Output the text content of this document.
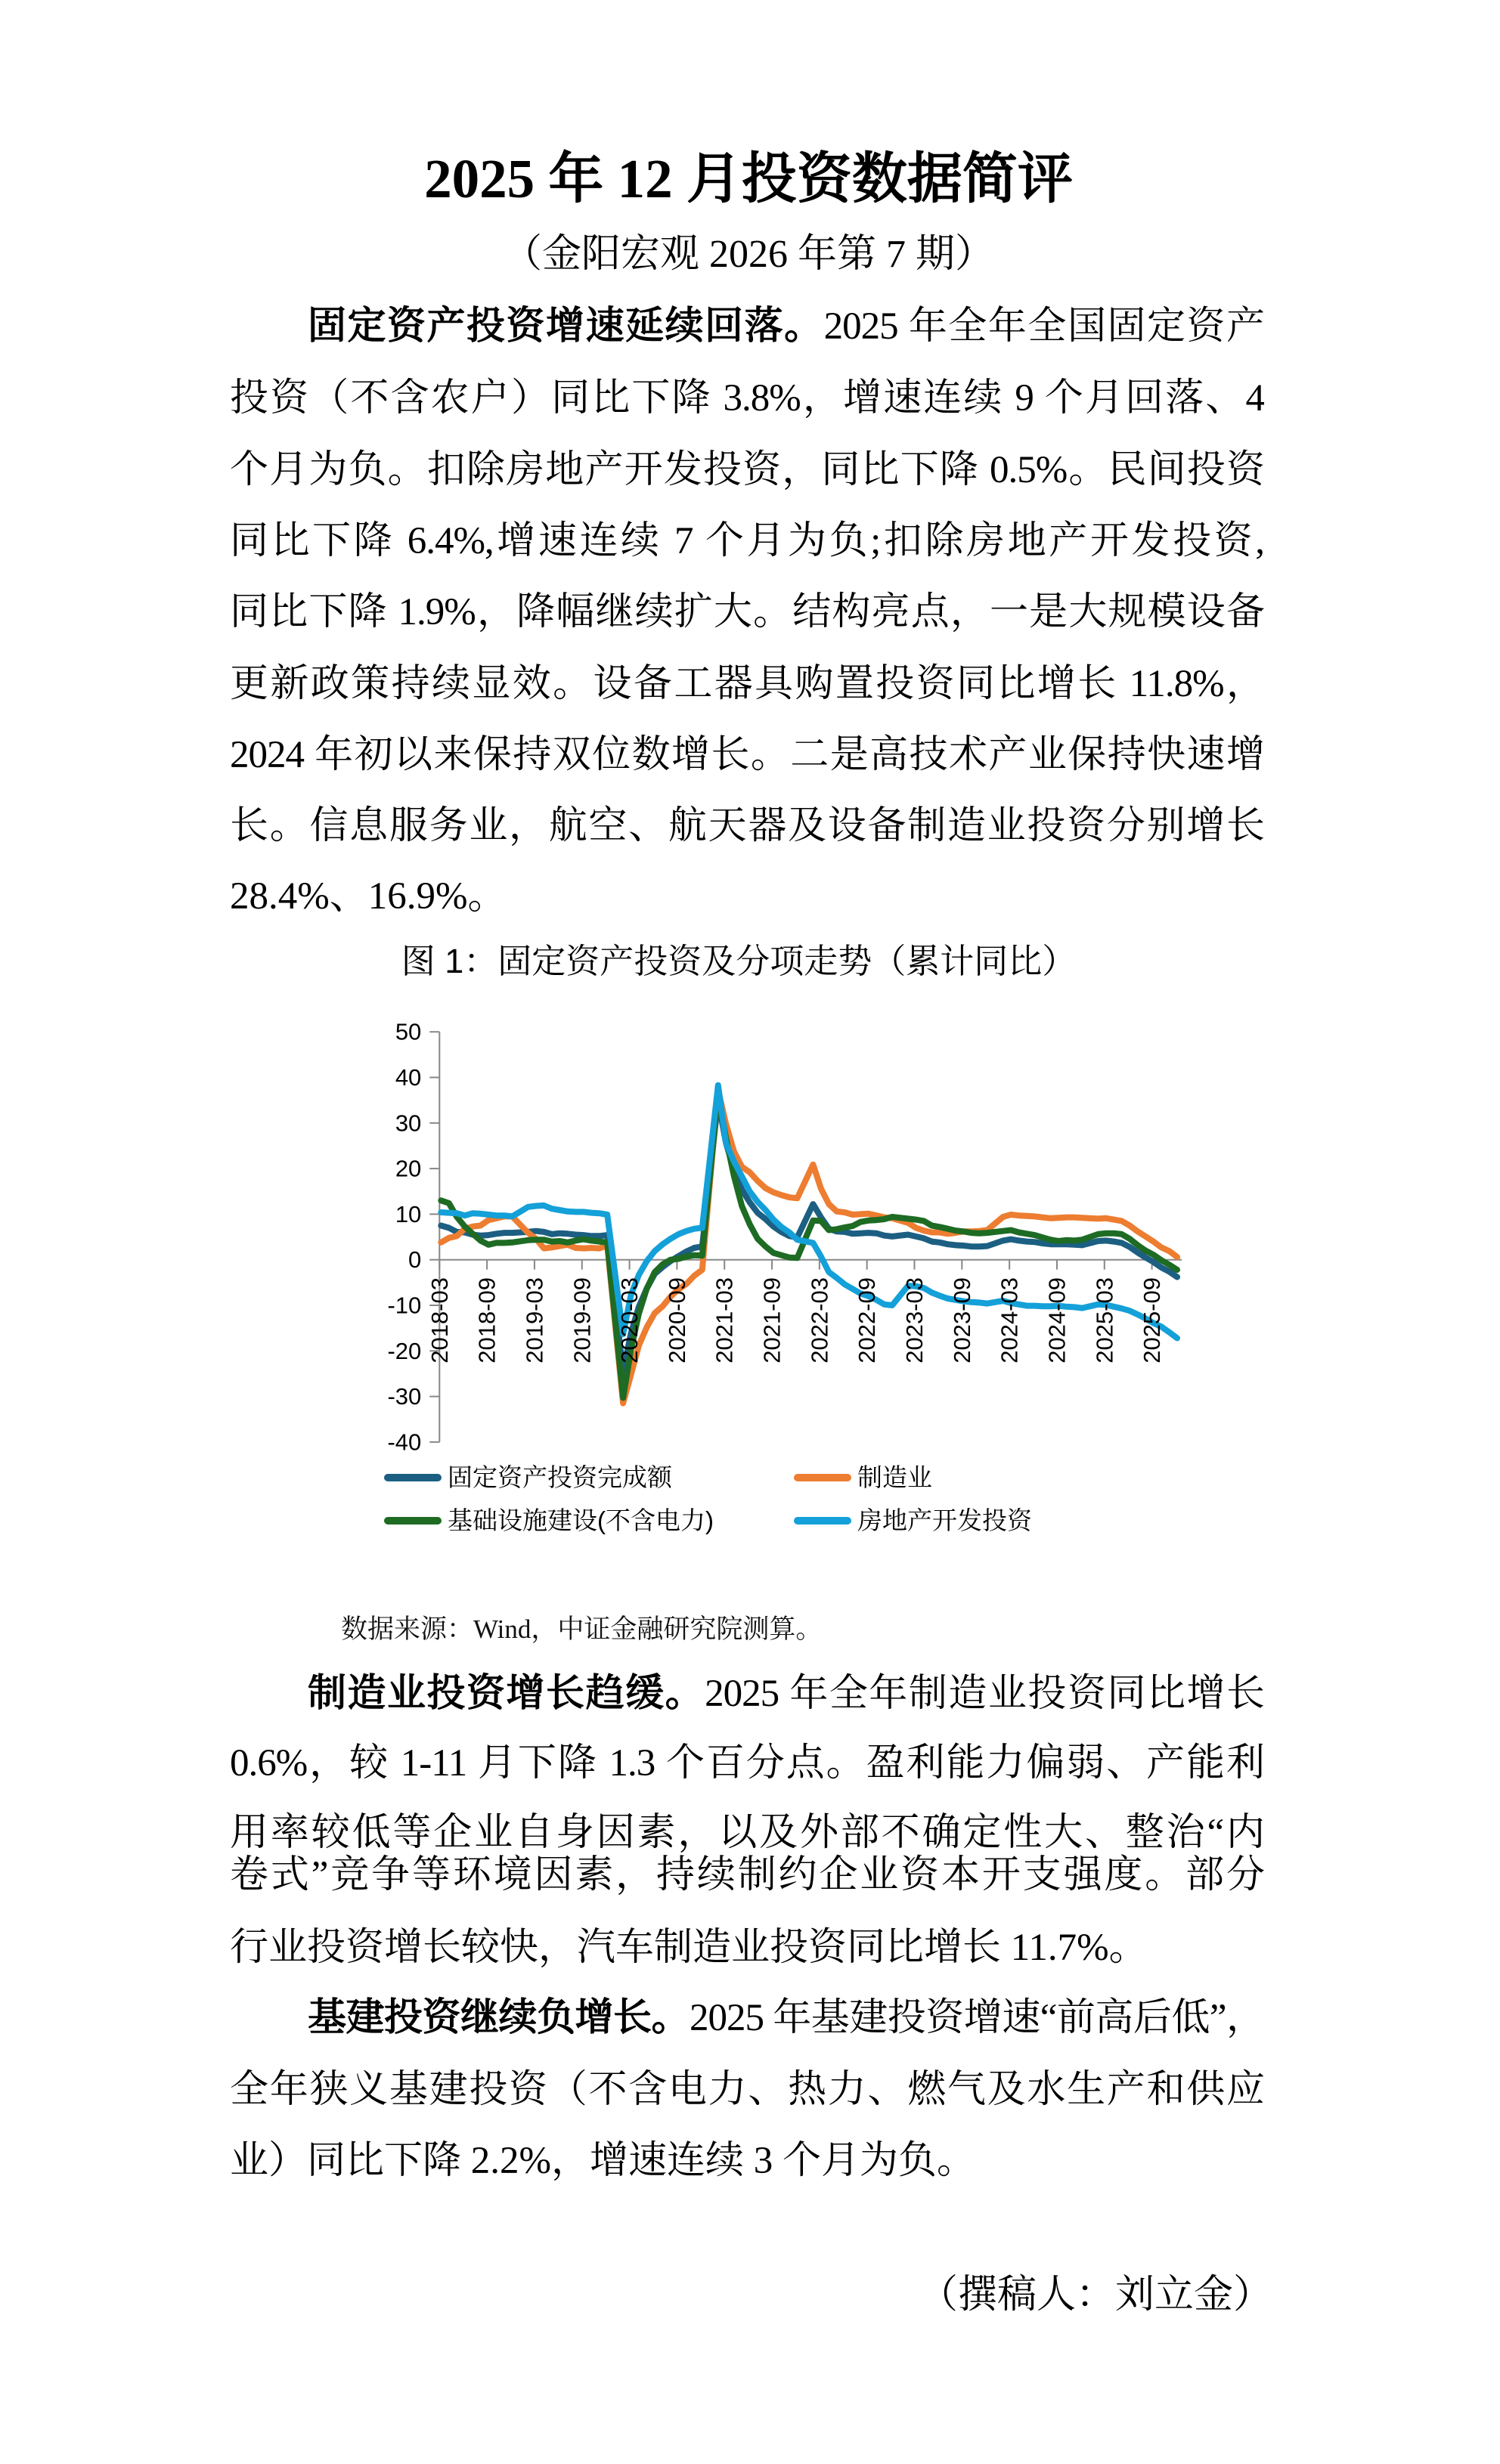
2025 年 12 月投资数据简评
（金阳宏观 2026 年第 7 期）
固定资产投资增速延续回落。2025 年全年全国固定资产
投资（不含农户）同比下降 3.8%，增速连续 9 个月回落、4
个月为负。扣除房地产开发投资，同比下降 0.5%。民间投资
同比下降 6.4%,增速连续 7 个月为负;扣除房地产开发投资,
同比下降 1.9%，降幅继续扩大。结构亮点，一是大规模设备
更新政策持续显效。设备工器具购置投资同比增长 11.8%，
2024 年初以来保持双位数增长。二是高技术产业保持快速增
长。信息服务业，航空、航天器及设备制造业投资分别增长
28.4%、16.9%。
图 1：固定资产投资及分项走势（累计同比）
50
40
30
20
10
0
-10
-20
-30
-40
2018-03 2018-09 2019-03 2019-09 2020-03 2020-09 2021-03 2021-09 2022-03 2022-09 2023-03 2023-09 2024-03 2024-09 2025-03 2025-09
固定资产投资完成额	制造业
基础设施建设(不含电力)	房地产开发投资
数据来源：Wind，中证金融研究院测算。
制造业投资增长趋缓。2025 年全年制造业投资同比增长
0.6%，较 1-11 月下降 1.3 个百分点。盈利能力偏弱、产能利
用率较低等企业自身因素，以及外部不确定性大、整治“内
卷式”竞争等环境因素，持续制约企业资本开支强度。部分
行业投资增长较快，汽车制造业投资同比增长 11.7%。
基建投资继续负增长。2025 年基建投资增速“前高后低”，
全年狭义基建投资（不含电力、热力、燃气及水生产和供应
业）同比下降 2.2%，增速连续 3 个月为负。
（撰稿人：刘立金）
